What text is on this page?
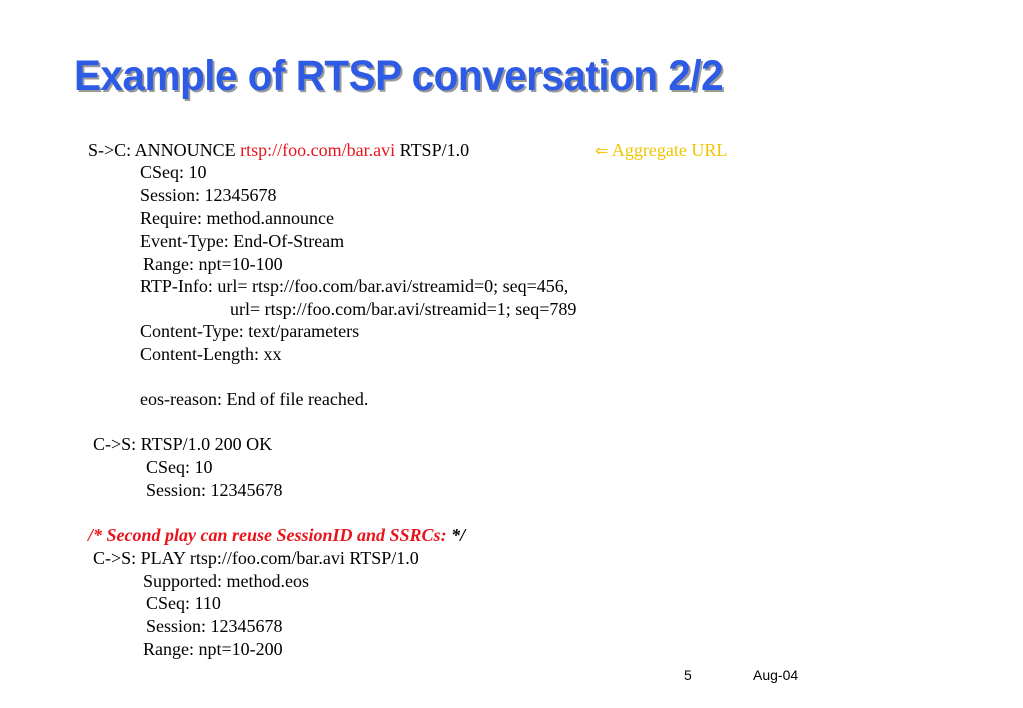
Example of RTSP conversation 2/2
S->C: ANNOUNCE rtsp://foo.com/bar.avi RTSP/1.0	⇐ Aggregate URL
CSeq: 10
Session: 12345678
Require: method.announce
Event-Type: End-Of-Stream
Range: npt=10-100
RTP-Info: url= rtsp://foo.com/bar.avi/streamid=0; seq=456,
url= rtsp://foo.com/bar.avi/streamid=1; seq=789
Content-Type: text/parameters
Content-Length: xx
eos-reason: End of file reached.
C->S: RTSP/1.0 200 OK
CSeq: 10
Session: 12345678
/* Second play can reuse SessionID and SSRCs: */
C->S: PLAY rtsp://foo.com/bar.avi RTSP/1.0
Supported: method.eos
CSeq: 110
Session: 12345678
Range: npt=10-200
5	Aug-04
